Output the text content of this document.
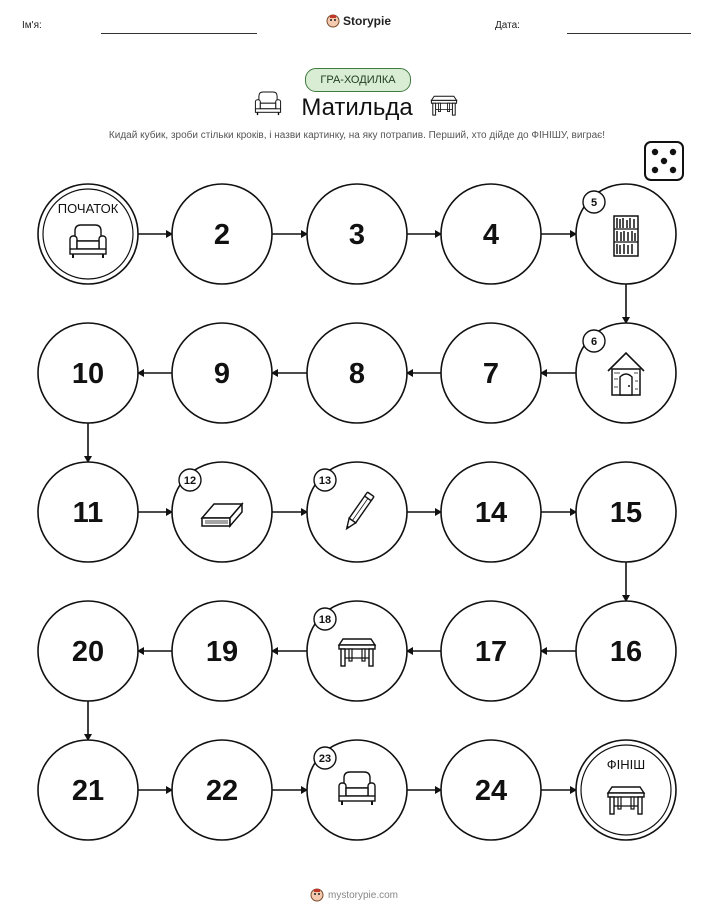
Ім'я:	Storypie	Дата:
ГРА-ХОДИЛКА
Матильда
Кидай кубик, зроби стільки кроків, і назви картинку, на яку потрапив. Перший, хто дійде до ФІНІШУ, виграє!
ПОЧАТОК
2	3	4
5
6
7
8
9
10
11
12	13
14	15
16
17
18
19
20
21	22
23
24
ФІНІШ
mystorypie.com
